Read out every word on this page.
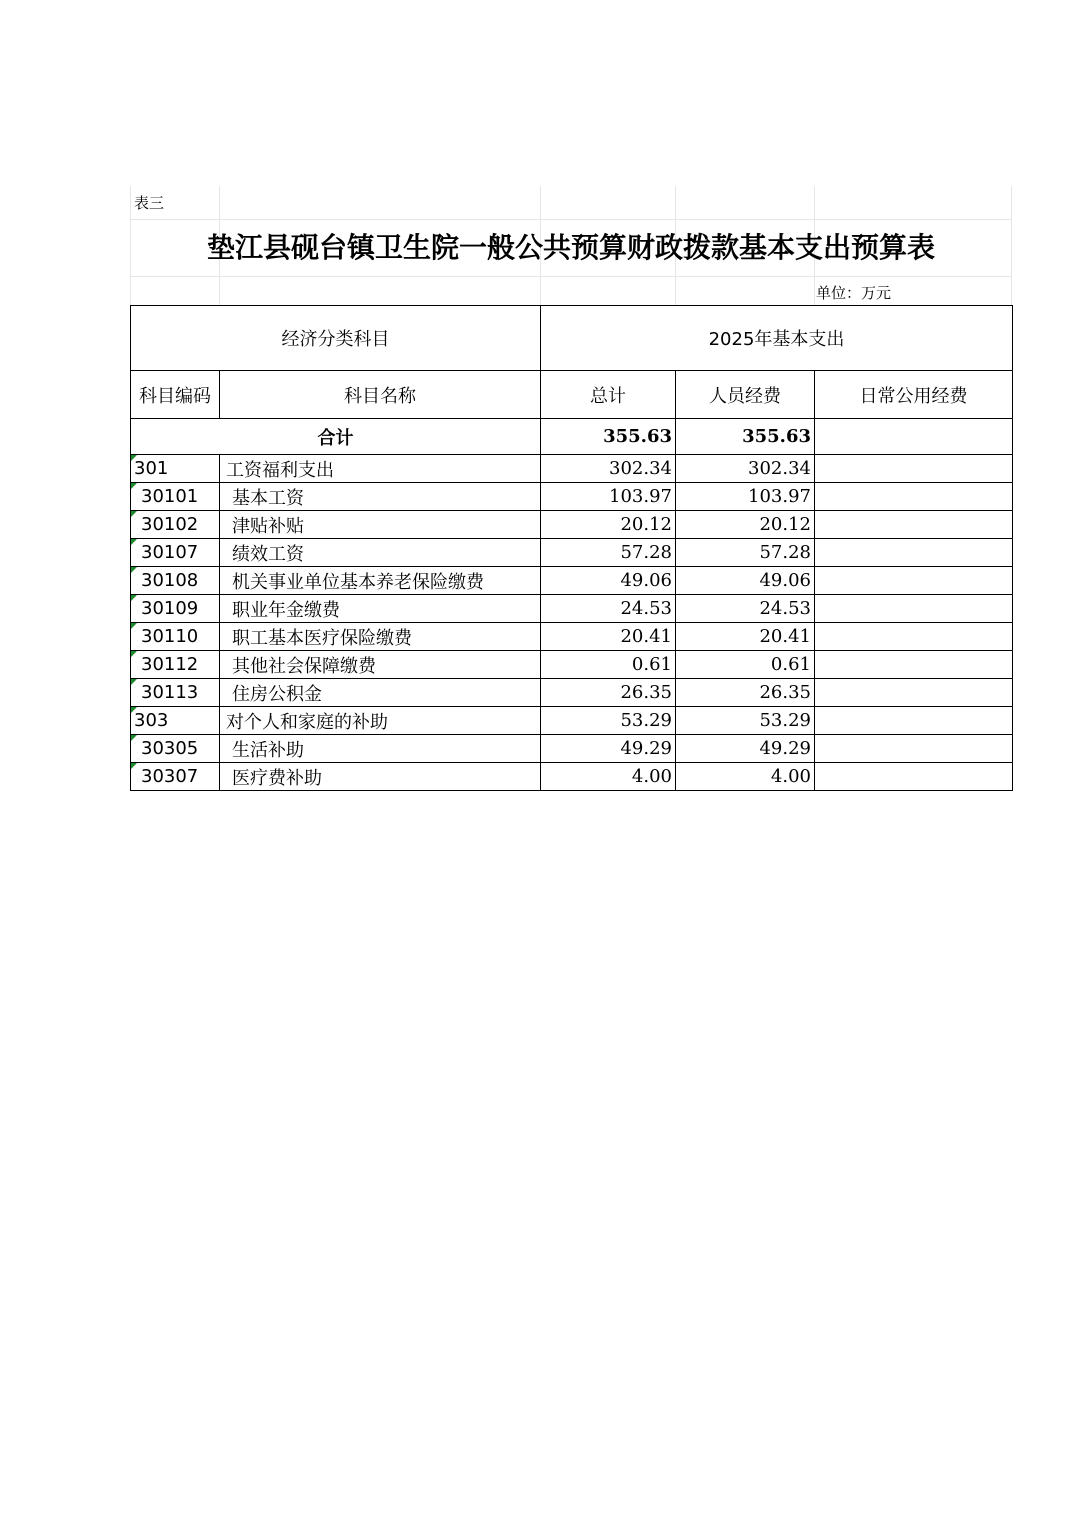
表三
垫江县砚台镇卫生院一般公共预算财政拨款基本支出预算表
单位：万元
经济分类科目		2025年基本支出		
科目编码	科目名称	总计	人员经费	日常公用经费
合计		355.63	355.63	

301	工资福利支出	302.34	302.34	

30101	基本工资	103.97	103.97	

30102	津贴补贴	20.12	20.12	

30107	绩效工资	57.28	57.28	

30108	机关事业单位基本养老保险缴费	49.06	49.06	

30109	职业年金缴费	24.53	24.53	

30110	职工基本医疗保险缴费	20.41	20.41	

30112	其他社会保障缴费	0.61	0.61	

30113	住房公积金	26.35	26.35	

303	对个人和家庭的补助	53.29	53.29	

30305	生活补助	49.29	49.29	

30307	医疗费补助	4.00	4.00	
